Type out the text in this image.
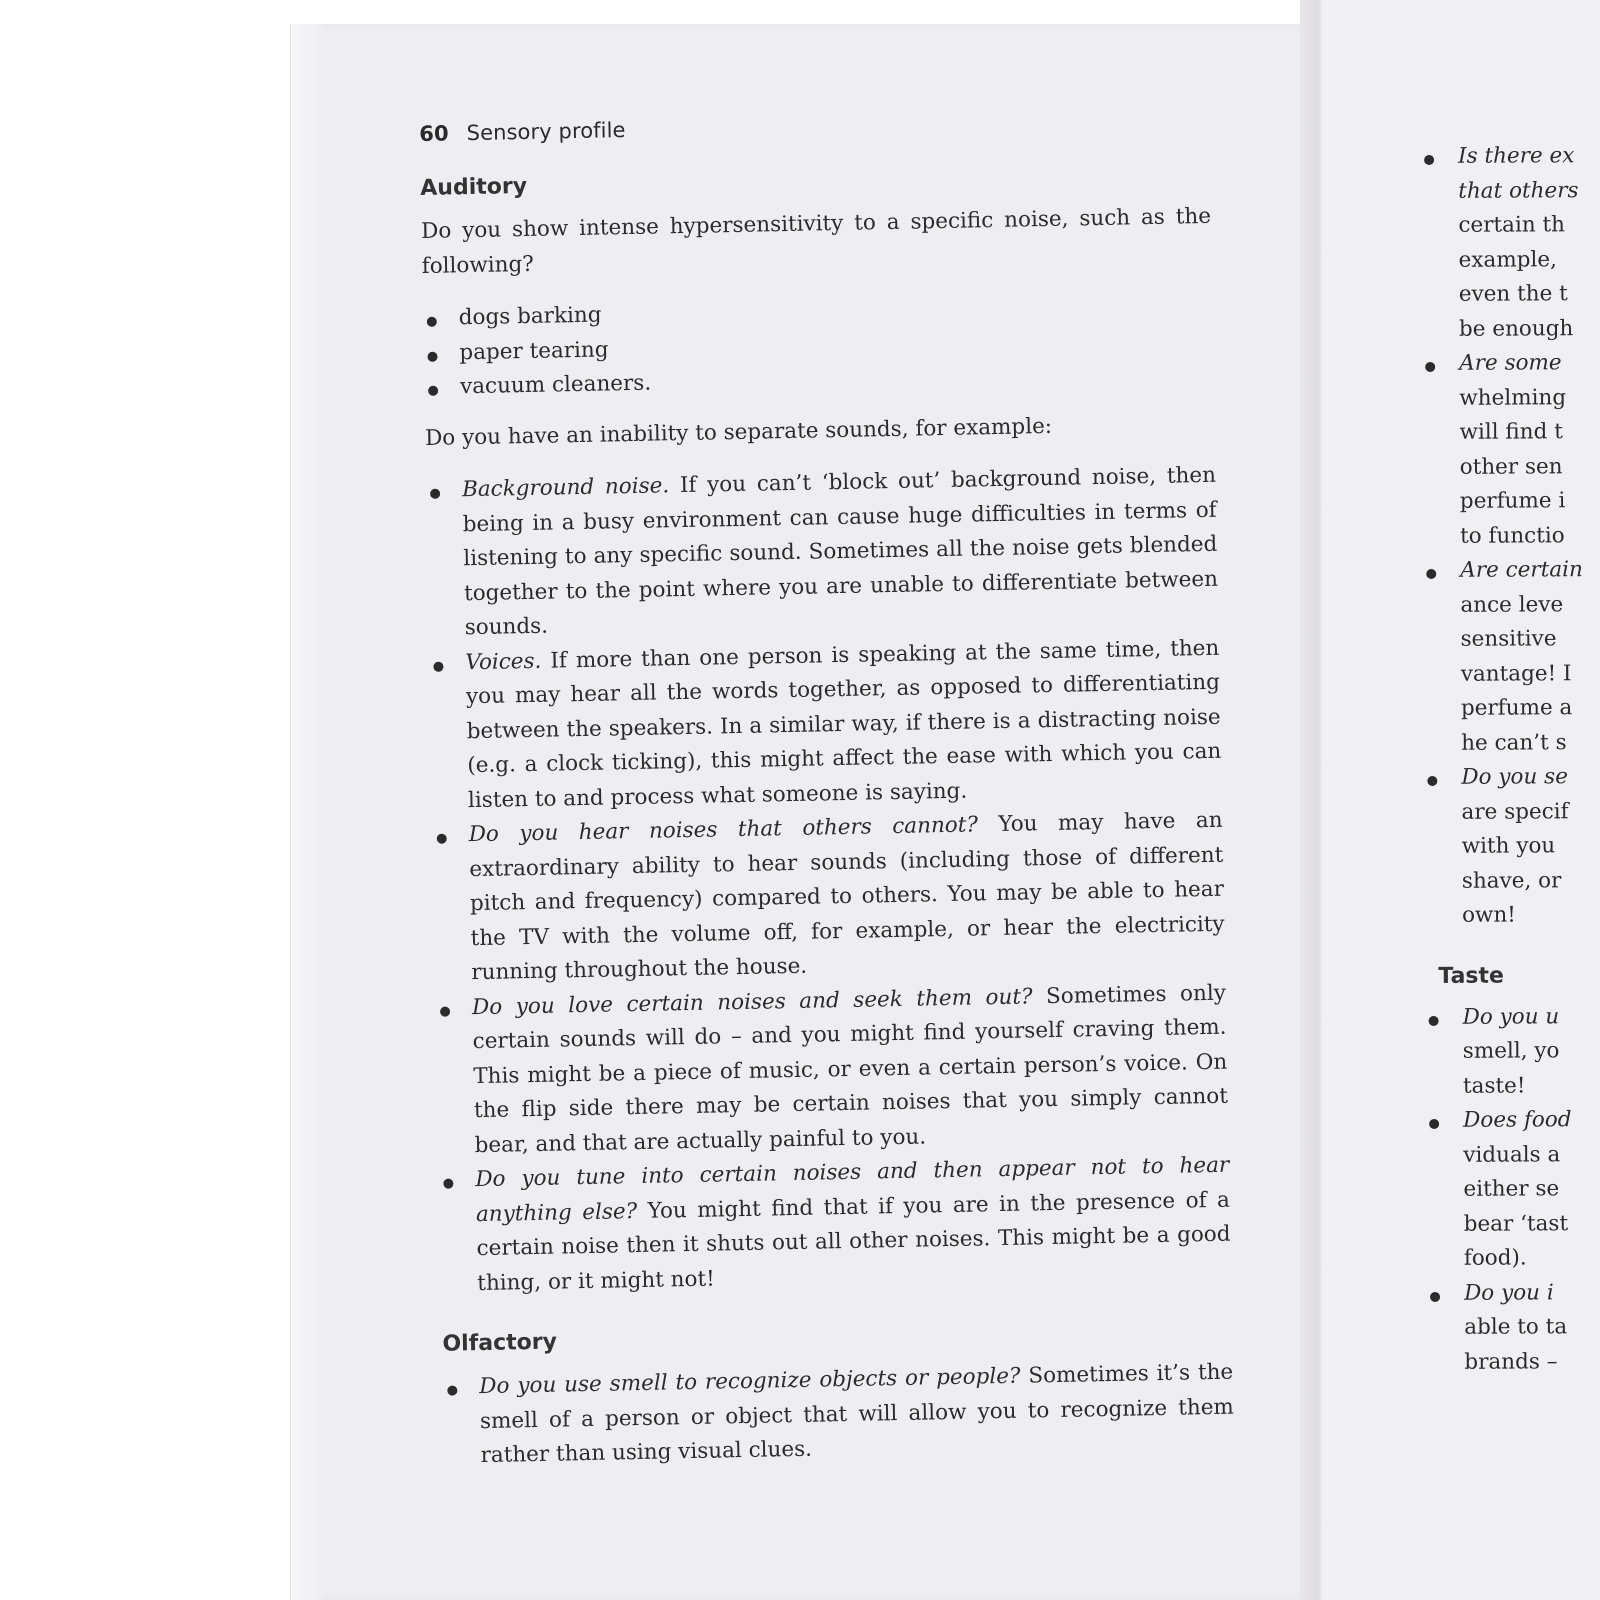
60 Sensory profile
Auditory

Do you show intense hypersensitivity to a specific noise, such as the following?

dogs barking
paper tearing
vacuum cleaners.

Do you have an inability to separate sounds, for example:

Background noise. If you can’t ‘block out’ background noise, then being in a busy environment can cause huge difficulties in terms of listening to any specific sound. Sometimes all the noise gets blended together to the point where you are unable to differentiate between sounds.
Voices. If more than one person is speaking at the same time, then you may hear all the words together, as opposed to differentiating between the speakers. In a similar way, if there is a distracting noise (e.g. a clock ticking), this might affect the ease with which you can listen to and process what someone is saying.
Do you hear noises that others cannot? You may have an extraordinary ability to hear sounds (including those of different pitch and frequency) compared to others. You may be able to hear the TV with the volume off, for example, or hear the electricity running throughout the house.
Do you love certain noises and seek them out? Sometimes only certain sounds will do – and you might find yourself craving them. This might be a piece of music, or even a certain person’s voice. On the flip side there may be certain noises that you simply cannot bear, and that are actually painful to you.
Do you tune into certain noises and then appear not to hear anything else? You might find that if you are in the presence of a certain noise then it shuts out all other noises. This might be a good thing, or it might not!
Olfactory
Do you use smell to recognize objects or people? Sometimes it’s the smell of a person or object that will allow you to recognize them rather than using visual clues.
Is there ex
that others
certain th
example,
even the t
be enough
Are some
whelming
will find t
other sen
perfume i
to functio
Are certain
ance leve
sensitive
vantage! I
perfume a
he can’t s
Do you se
are specif
with you
shave, or
own!
Taste
Do you u
smell, yo
taste!
Does food
viduals a
either se
bear ‘tast
food).
Do you i
able to ta
brands –
